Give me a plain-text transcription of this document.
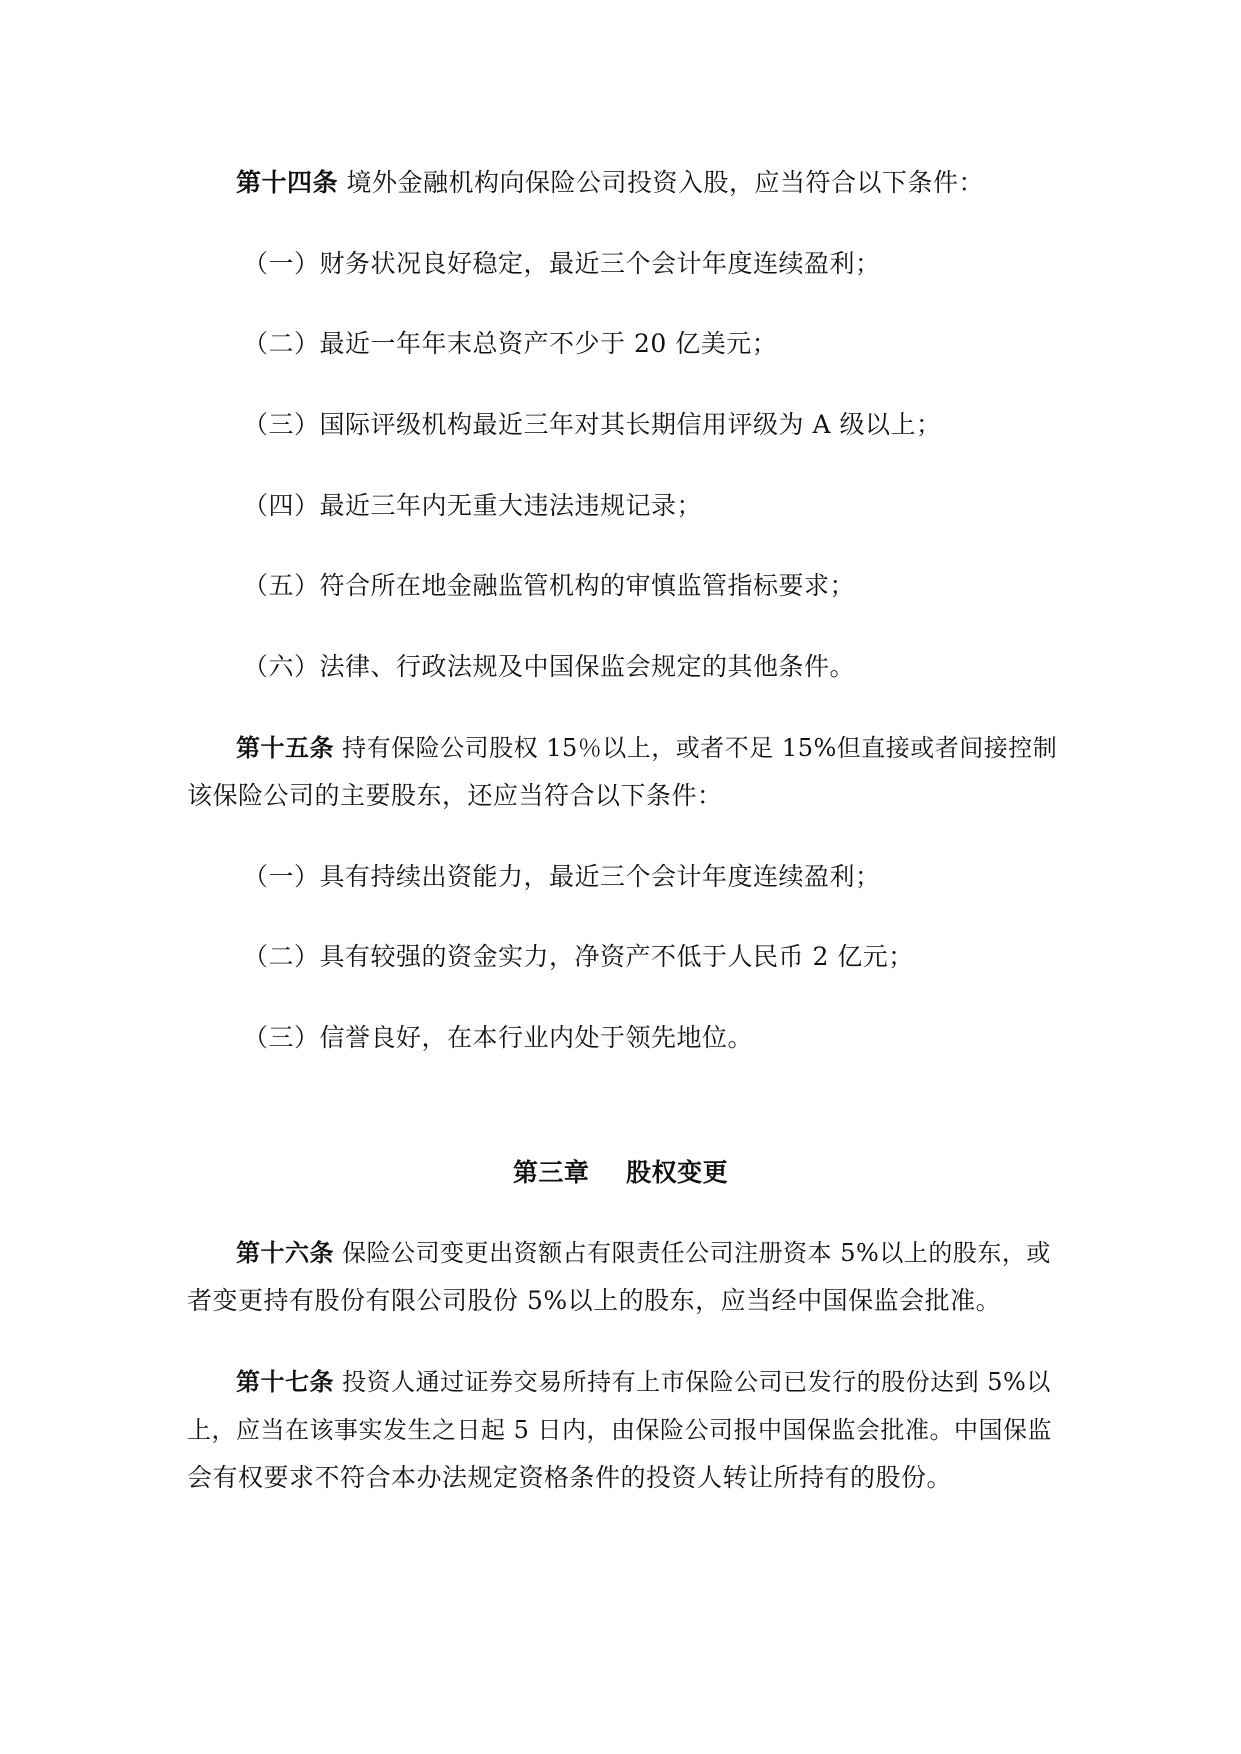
第十四条 境外金融机构向保险公司投资入股，应当符合以下条件：
（一）财务状况良好稳定，最近三个会计年度连续盈利；
（二）最近一年年末总资产不少于 20 亿美元；
（三）国际评级机构最近三年对其长期信用评级为 A 级以上；
（四）最近三年内无重大违法违规记录；
（五）符合所在地金融监管机构的审慎监管指标要求；
（六）法律、行政法规及中国保监会规定的其他条件。
第十五条 持有保险公司股权 15％以上，或者不足 15%但直接或者间接控制
该保险公司的主要股东，还应当符合以下条件：
（一）具有持续出资能力，最近三个会计年度连续盈利；
（二）具有较强的资金实力，净资产不低于人民币 2 亿元；
（三）信誉良好，在本行业内处于领先地位。
第三章    股权变更
第十六条 保险公司变更出资额占有限责任公司注册资本 5%以上的股东，或
者变更持有股份有限公司股份 5%以上的股东，应当经中国保监会批准。
第十七条 投资人通过证券交易所持有上市保险公司已发行的股份达到 5%以
上，应当在该事实发生之日起 5 日内，由保险公司报中国保监会批准。中国保监
会有权要求不符合本办法规定资格条件的投资人转让所持有的股份。
